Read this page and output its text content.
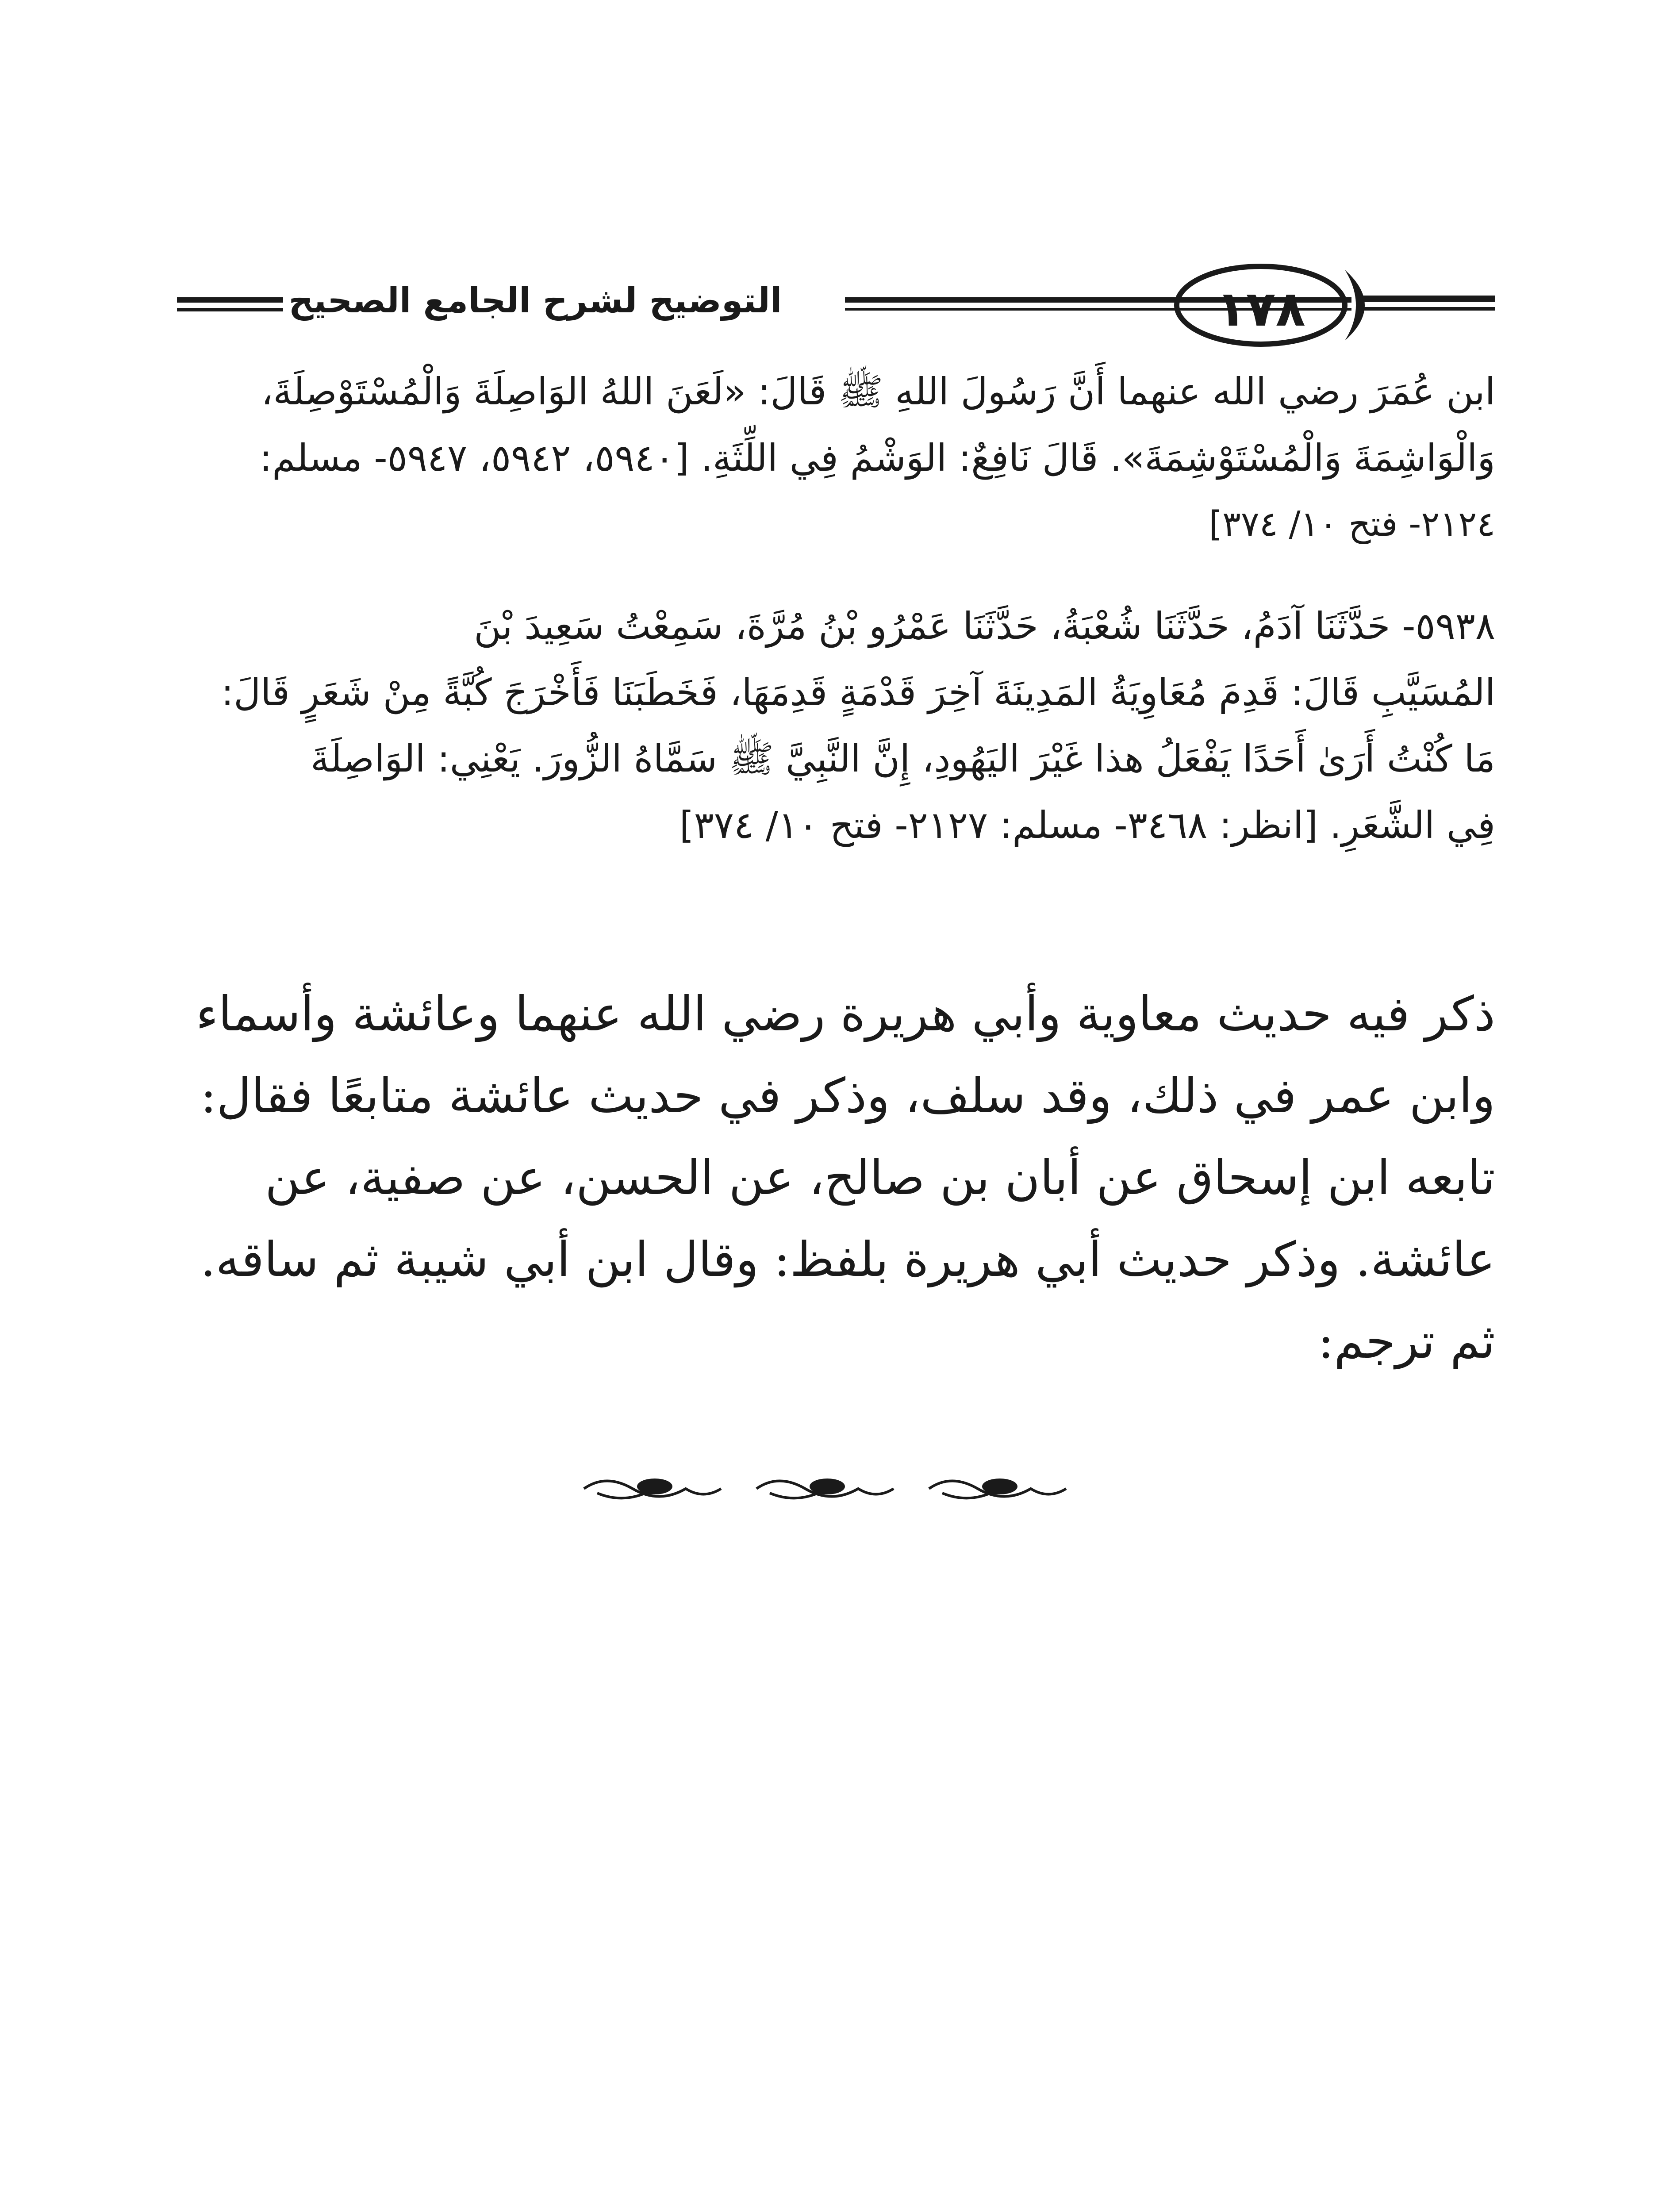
١٧٨
التوضيح لشرح الجامع الصحيح
ابن عُمَرَ رضي الله عنهما أَنَّ رَسُولَ اللهِ ﷺ قَالَ: «لَعَنَ اللهُ الوَاصِلَةَ وَالْمُسْتَوْصِلَةَ،
وَالْوَاشِمَةَ وَالْمُسْتَوْشِمَةَ». قَالَ نَافِعٌ: الوَشْمُ فِي اللِّثَةِ. [٥٩٤٠، ٥٩٤٢، ٥٩٤٧- مسلم:
٢١٢٤- فتح ١٠/ ٣٧٤]
٥٩٣٨- حَدَّثَنَا آدَمُ، حَدَّثَنَا شُعْبَةُ، حَدَّثَنَا عَمْرُو بْنُ مُرَّةَ، سَمِعْتُ سَعِيدَ بْنَ
المُسَيَّبِ قَالَ: قَدِمَ مُعَاوِيَةُ المَدِينَةَ آخِرَ قَدْمَةٍ قَدِمَهَا، فَخَطَبَنَا فَأَخْرَجَ كُبَّةً مِنْ شَعَرٍ قَالَ:
مَا كُنْتُ أَرَىٰ أَحَدًا يَفْعَلُ هذا غَيْرَ اليَهُودِ، إِنَّ النَّبِيَّ ﷺ سَمَّاهُ الزُّورَ. يَعْنِي: الوَاصِلَةَ
فِي الشَّعَرِ. [انظر: ٣٤٦٨- مسلم: ٢١٢٧- فتح ١٠/ ٣٧٤]
ذكر فيه حديث معاوية وأبي هريرة رضي الله عنهما وعائشة وأسماء
وابن عمر في ذلك، وقد سلف، وذكر في حديث عائشة متابعًا فقال:
تابعه ابن إسحاق عن أبان بن صالح، عن الحسن، عن صفية، عن
عائشة. وذكر حديث أبي هريرة بلفظ: وقال ابن أبي شيبة ثم ساقه.
ثم ترجم:
